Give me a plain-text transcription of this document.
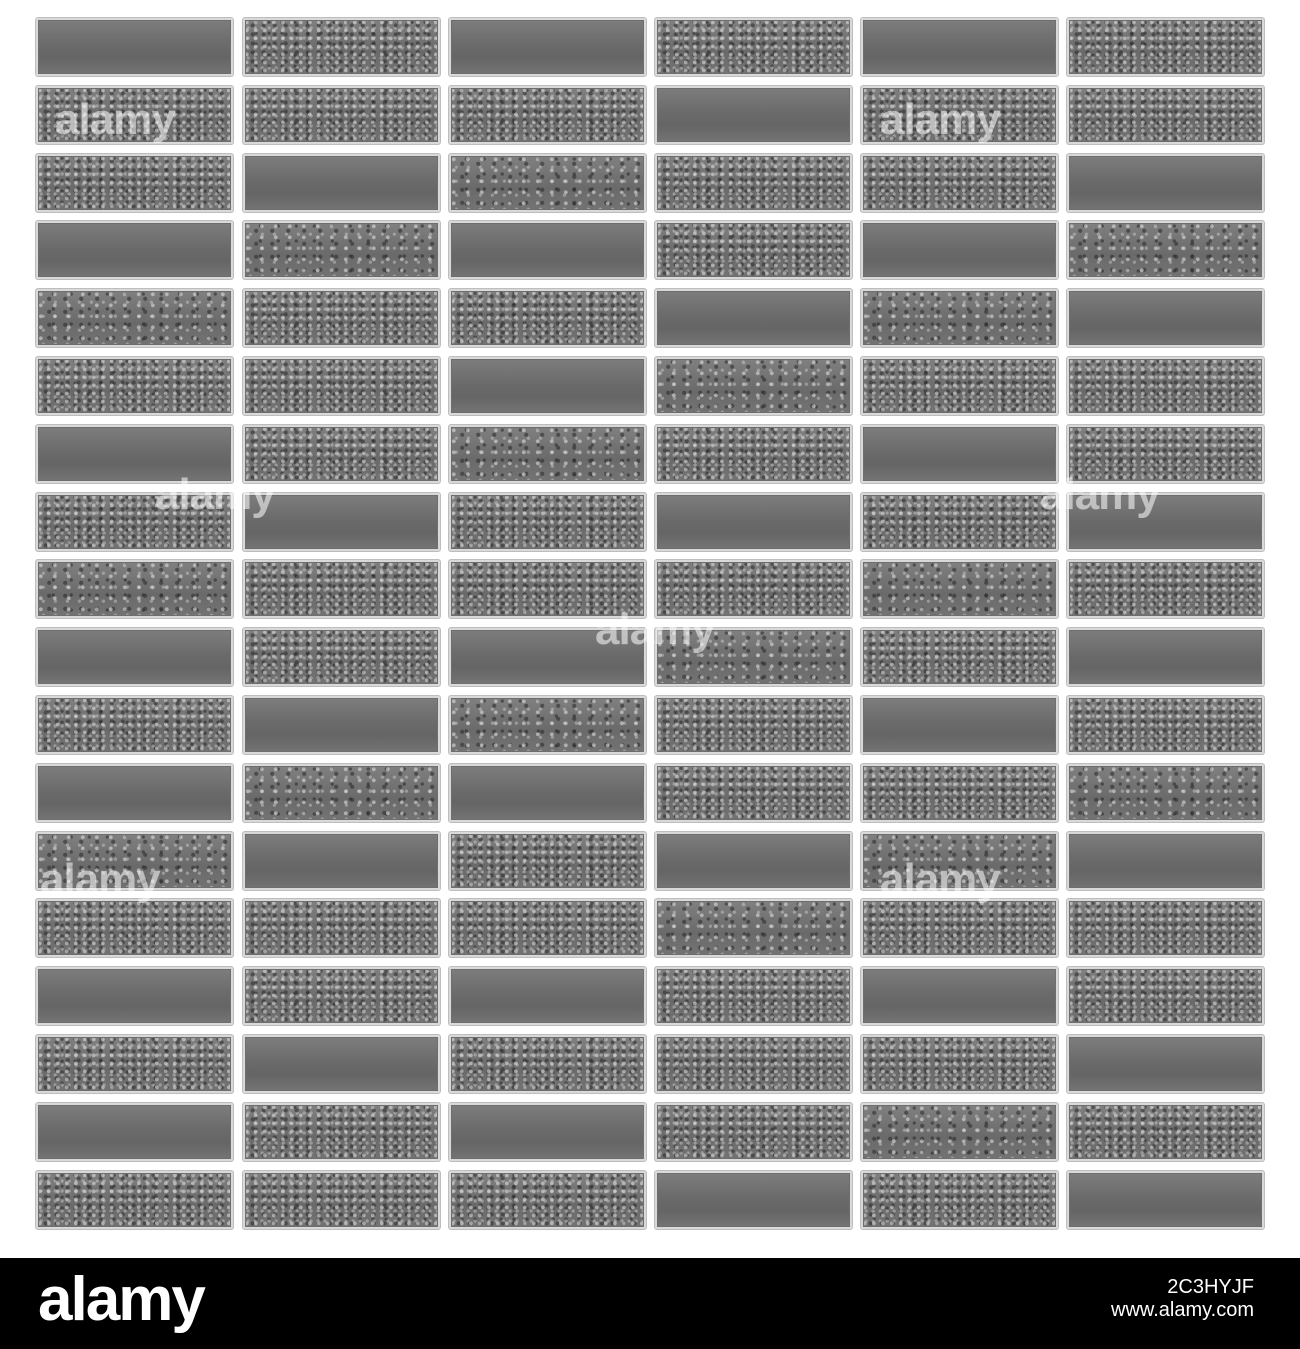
alamy	alamy
alamy	alamy
alamy
alamy	alamy
alamy	2C3HYJF
www.alamy.com
